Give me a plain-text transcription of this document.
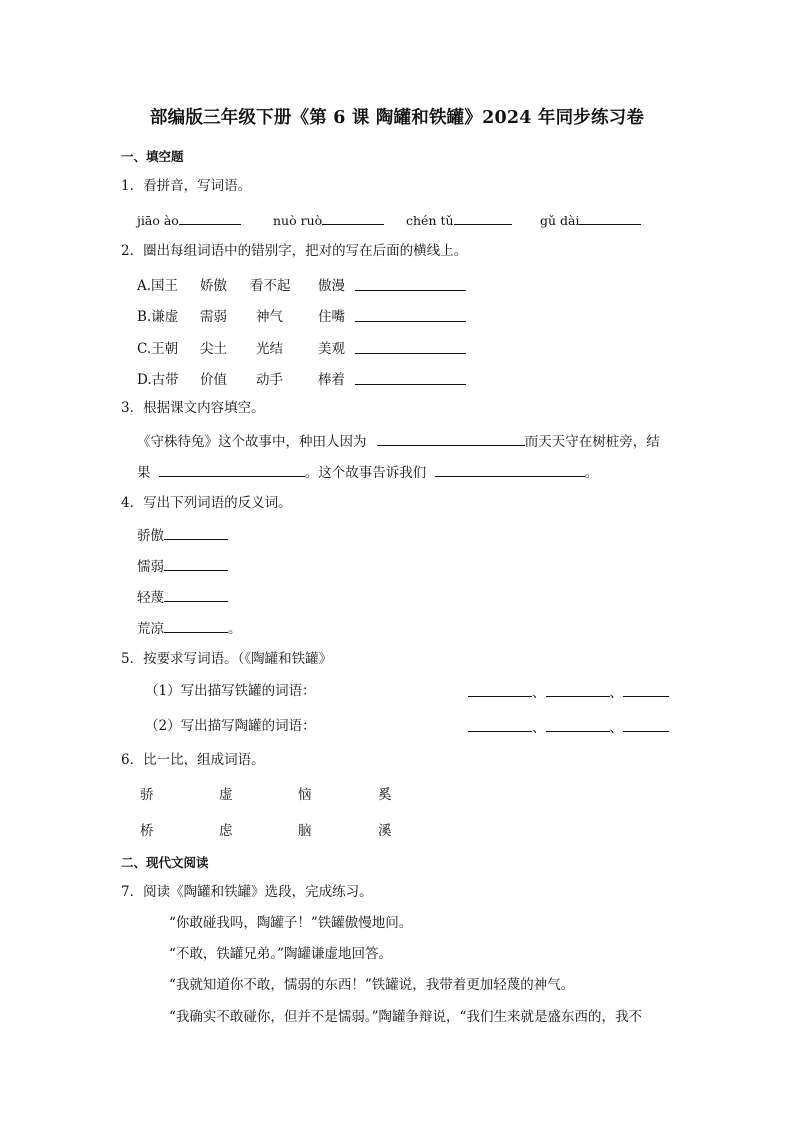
部编版三年级下册《第 6 课 陶罐和铁罐》2024 年同步练习卷
一、填空题
1．看拼音，写词语。
jiāo ào	nuò ruò	chén tǔ	gǔ dài
2．圈出每组词语中的错别字，把对的写在后面的横线上。
A.国王 娇傲 看不起 傲漫
B.谦虚 需弱 神气	住嘴
C.王朝 尖土 光结	美观
D.古带 价值 动手	棒着
3．根据课文内容填空。
《守株待兔》这个故事中，种田人因为	而天天守在树桩旁，结
果	。这个故事告诉我们	。
4．写出下列词语的反义词。
骄傲
懦弱
轻蔑
荒凉	。
5．按要求写词语。（《陶罐和铁罐》
（1）写出描写铁罐的词语：	、	、
（2）写出描写陶罐的词语：	、	、
6．比一比，组成词语。
骄	虚	恼	奚
桥	虑	脑	溪
二、现代文阅读
7．阅读《陶罐和铁罐》选段，完成练习。
“你敢碰我吗，陶罐子！”铁罐傲慢地问。
“不敢，铁罐兄弟。”陶罐谦虚地回答。
“我就知道你不敢，懦弱的东西！”铁罐说，我带着更加轻蔑的神气。
“我确实不敢碰你，但并不是懦弱。”陶罐争辩说，“我们生来就是盛东西的，我不
